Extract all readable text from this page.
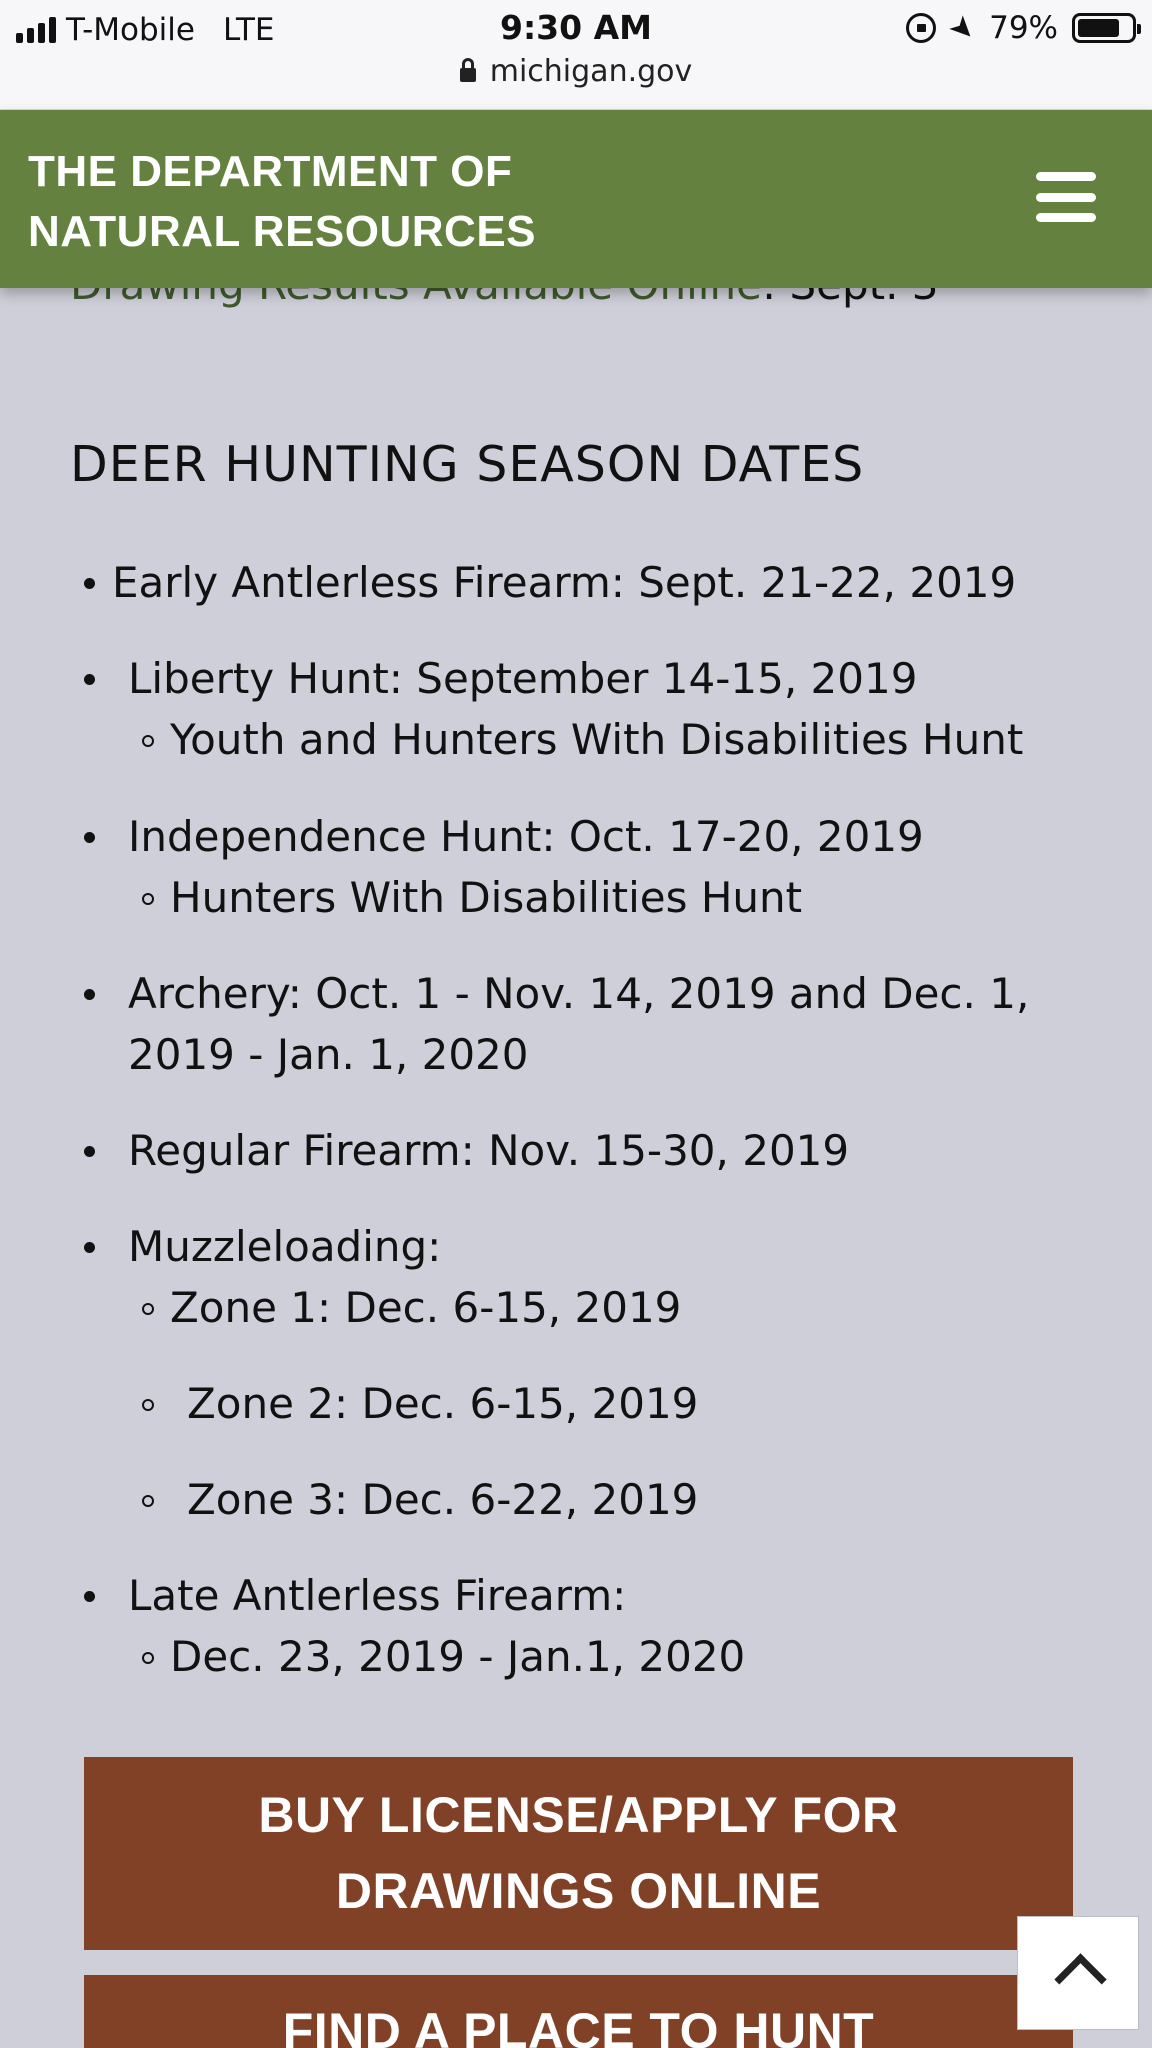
T-Mobile LTE	9:30 AM	➤ 79%
michigan.gov
THE DEPARTMENT OF
NATURAL RESOURCES
DEER HUNTING SEASON DATES
Early Antlerless Firearm: Sept. 21-22, 2019
Liberty Hunt: September 14-15, 2019
Youth and Hunters With Disabilities Hunt
Independence Hunt: Oct. 17-20, 2019
Hunters With Disabilities Hunt
Archery: Oct. 1 - Nov. 14, 2019 and Dec. 1,
2019 - Jan. 1, 2020
Regular Firearm: Nov. 15-30, 2019
Muzzleloading:
Zone 1: Dec. 6-15, 2019
Zone 2: Dec. 6-15, 2019
Zone 3: Dec. 6-22, 2019
Late Antlerless Firearm:
Dec. 23, 2019 - Jan.1, 2020
BUY LICENSE/APPLY FOR
DRAWINGS ONLINE
FIND A PLACE TO HUNT
